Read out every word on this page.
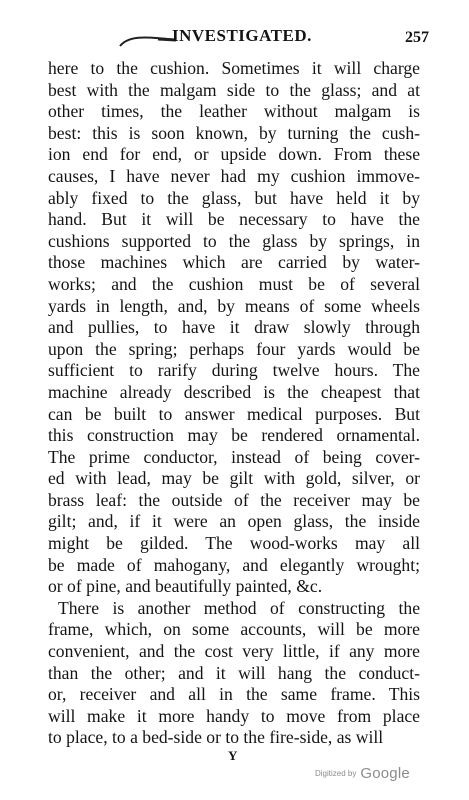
INVESTIGATED.	257
here to the cushion. Sometimes it will charge
best with the malgam side to the glass; and at
other times, the leather without malgam is
best: this is soon known, by turning the cush-
ion end for end, or upside down. From these
causes, I have never had my cushion immove-
ably fixed to the glass, but have held it by
hand. But it will be necessary to have the
cushions supported to the glass by springs, in
those machines which are carried by water-
works; and the cushion must be of several
yards in length, and, by means of some wheels
and pullies, to have it draw slowly through
upon the spring; perhaps four yards would be
sufficient to rarify during twelve hours. The
machine already described is the cheapest that
can be built to answer medical purposes. But
this construction may be rendered ornamental.
The prime conductor, instead of being cover-
ed with lead, may be gilt with gold, silver, or
brass leaf: the outside of the receiver may be
gilt; and, if it were an open glass, the inside
might be gilded. The wood-works may all
be made of mahogany, and elegantly wrought;
or of pine, and beautifully painted, &c.
There is another method of constructing the
frame, which, on some accounts, will be more
convenient, and the cost very little, if any more
than the other; and it will hang the conduct-
or, receiver and all in the same frame. This
will make it more handy to move from place
to place, to a bed-side or to the fire-side, as will
Y
Digitized by Google
